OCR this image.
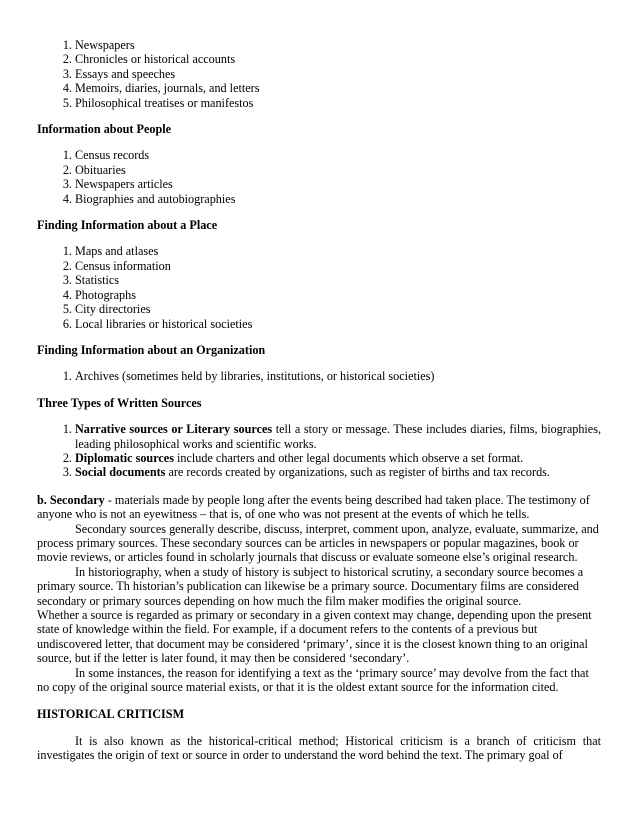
1. Newspapers
2. Chronicles or historical accounts
3. Essays and speeches
4. Memoirs, diaries, journals, and letters
5. Philosophical treatises or manifestos
Information about People
1. Census records
2. Obituaries
3. Newspapers articles
4. Biographies and autobiographies
Finding Information about a Place
1. Maps and atlases
2. Census information
3. Statistics
4. Photographs
5. City directories
6. Local libraries or historical societies
Finding Information about an Organization
1. Archives (sometimes held by libraries, institutions, or historical societies)
Three Types of Written Sources
1. Narrative sources or Literary sources tell a story or message. These includes diaries, films, biographies, leading philosophical works and scientific works.
2. Diplomatic sources include charters and other legal documents which observe a set format.
3. Social documents are records created by organizations, such as register of births and tax records.

b. Secondary - materials made by people long after the events being described had taken place. The testimony of anyone who is not an eyewitness – that is, of one who was not present at the events of which he tells.

Secondary sources generally describe, discuss, interpret, comment upon, analyze, evaluate, summarize, and process primary sources. These secondary sources can be articles in newspapers or popular magazines, book or movie reviews, or articles found in scholarly journals that discuss or evaluate someone else’s original research.

In historiography, when a study of history is subject to historical scrutiny, a secondary source becomes a primary source. Th historian’s publication can likewise be a primary source. Documentary films are considered secondary or primary sources depending on how much the film maker modifies the original source.

Whether a source is regarded as primary or secondary in a given context may change, depending upon the present state of knowledge within the field. For example, if a document refers to the contents of a previous but undiscovered letter, that document may be considered ‘primary’, since it is the closest known thing to an original source, but if the letter is later found, it may then be considered ‘secondary’.

In some instances, the reason for identifying a text as the ‘primary source’ may devolve from the fact that no copy of the original source material exists, or that it is the oldest extant source for the information cited.

HISTORICAL CRITICISM

It is also known as the historical-critical method; Historical criticism is a branch of criticism that investigates the origin of text or source in order to understand the word behind the text. The primary goal of
